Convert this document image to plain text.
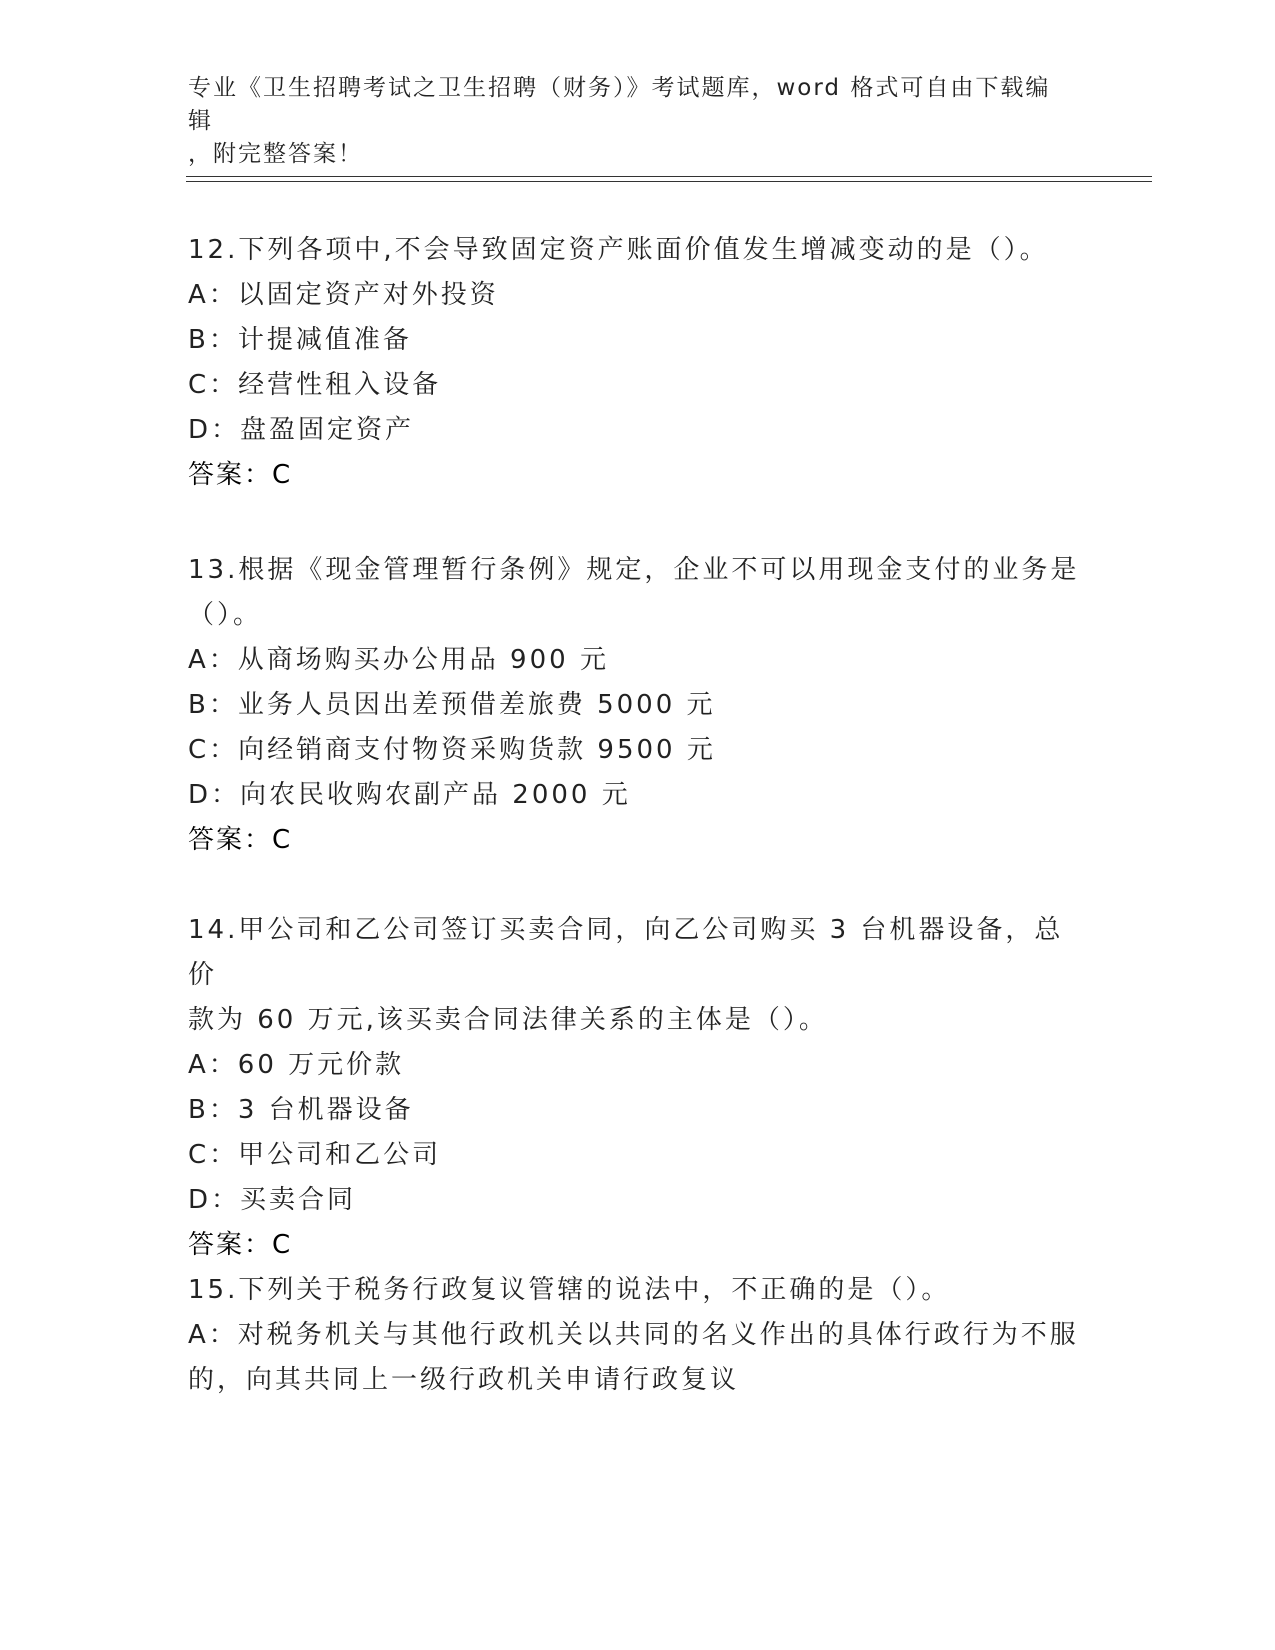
专业《卫生招聘考试之卫生招聘（财务）》考试题库，word 格式可自由下载编辑
，附完整答案！

12.下列各项中,不会导致固定资产账面价值发生增减变动的是（）。

A：以固定资产对外投资

B：计提减值准备

C：经营性租入设备

D：盘盈固定资产

答案：C

13.根据《现金管理暂行条例》规定，企业不可以用现金支付的业务是

（）。

A：从商场购买办公用品 900 元

B：业务人员因出差预借差旅费 5000 元

C：向经销商支付物资采购货款 9500 元

D：向农民收购农副产品 2000 元

答案：C

14.甲公司和乙公司签订买卖合同，向乙公司购买 3 台机器设备，总价

款为 60 万元,该买卖合同法律关系的主体是（）。

A：60 万元价款

B：3 台机器设备

C：甲公司和乙公司

D：买卖合同

答案：C

15.下列关于税务行政复议管辖的说法中，不正确的是（）。

A：对税务机关与其他行政机关以共同的名义作出的具体行政行为不服

的，向其共同上一级行政机关申请行政复议
